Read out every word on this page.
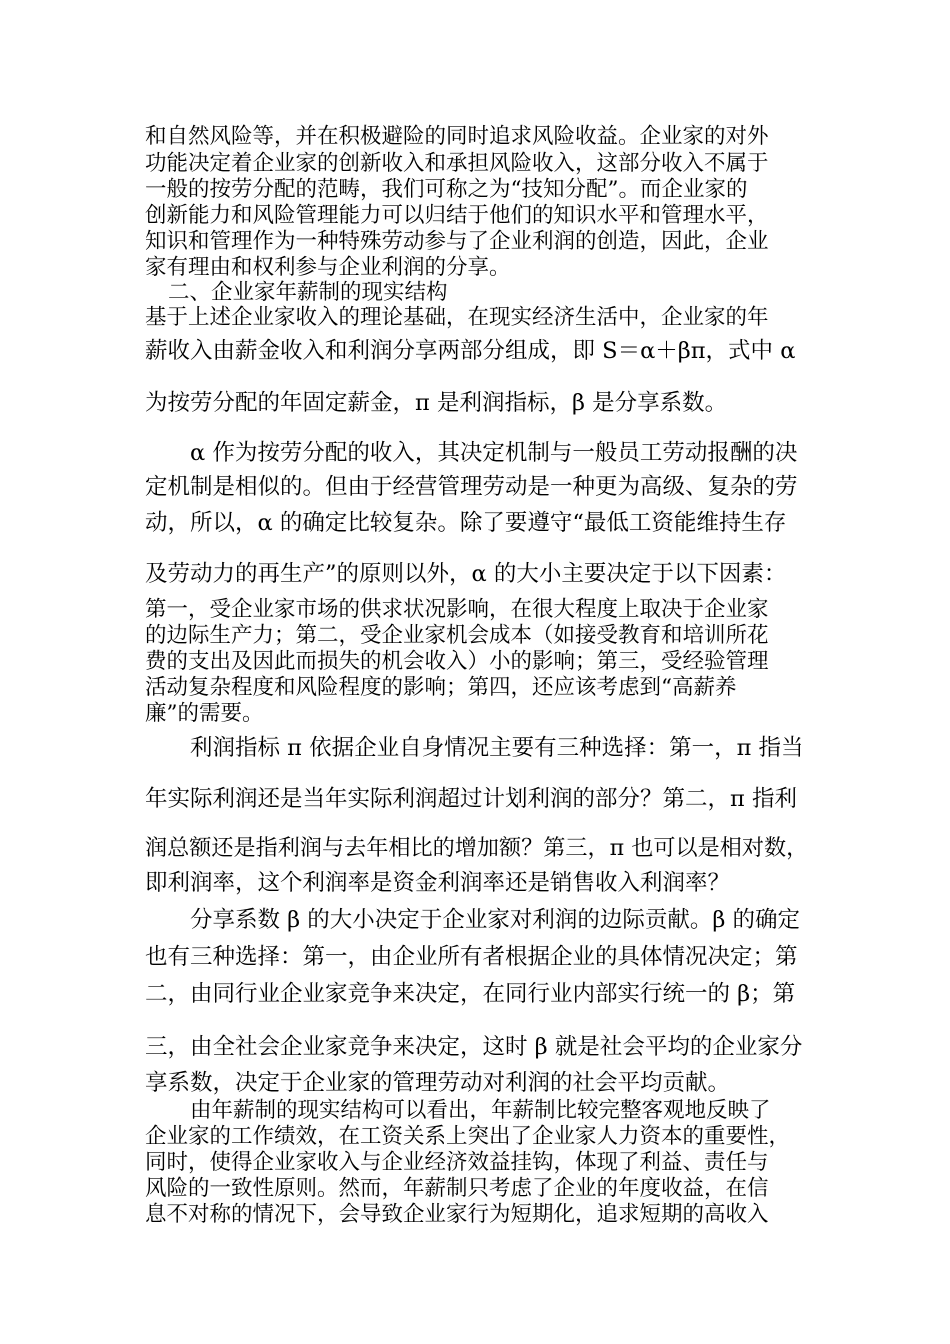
和自然风险等，并在积极避险的同时追求风险收益。企业家的对外

功能决定着企业家的创新收入和承担风险收入，这部分收入不属于

一般的按劳分配的范畴，我们可称之为“技知分配”。而企业家的

创新能力和风险管理能力可以归结于他们的知识水平和管理水平，

知识和管理作为一种特殊劳动参与了企业利润的创造，因此，企业

家有理由和权利参与企业利润的分享。

二、企业家年薪制的现实结构

基于上述企业家收入的理论基础，在现实经济生活中，企业家的年

薪收入由薪金收入和利润分享两部分组成，即 S＝α＋βπ，式中 α

为按劳分配的年固定薪金，π 是利润指标，β 是分享系数。

α 作为按劳分配的收入，其决定机制与一般员工劳动报酬的决

定机制是相似的。但由于经营管理劳动是一种更为高级、复杂的劳

动，所以，α 的确定比较复杂。除了要遵守“最低工资能维持生存

及劳动力的再生产”的原则以外，α 的大小主要决定于以下因素：

第一，受企业家市场的供求状况影响，在很大程度上取决于企业家

的边际生产力；第二，受企业家机会成本（如接受教育和培训所花

费的支出及因此而损失的机会收入）小的影响；第三，受经验管理

活动复杂程度和风险程度的影响；第四，还应该考虑到“高薪养

廉”的需要。

利润指标 π 依据企业自身情况主要有三种选择：第一，π 指当

年实际利润还是当年实际利润超过计划利润的部分？第二，π 指利

润总额还是指利润与去年相比的增加额？第三，π 也可以是相对数，

即利润率，这个利润率是资金利润率还是销售收入利润率？

分享系数 β 的大小决定于企业家对利润的边际贡献。β 的确定

也有三种选择：第一，由企业所有者根据企业的具体情况决定；第

二，由同行业企业家竞争来决定，在同行业内部实行统一的 β；第

三，由全社会企业家竞争来决定，这时 β 就是社会平均的企业家分

享系数，决定于企业家的管理劳动对利润的社会平均贡献。

由年薪制的现实结构可以看出，年薪制比较完整客观地反映了

企业家的工作绩效，在工资关系上突出了企业家人力资本的重要性，

同时，使得企业家收入与企业经济效益挂钩，体现了利益、责任与

风险的一致性原则。然而，年薪制只考虑了企业的年度收益，在信

息不对称的情况下，会导致企业家行为短期化，追求短期的高收入
